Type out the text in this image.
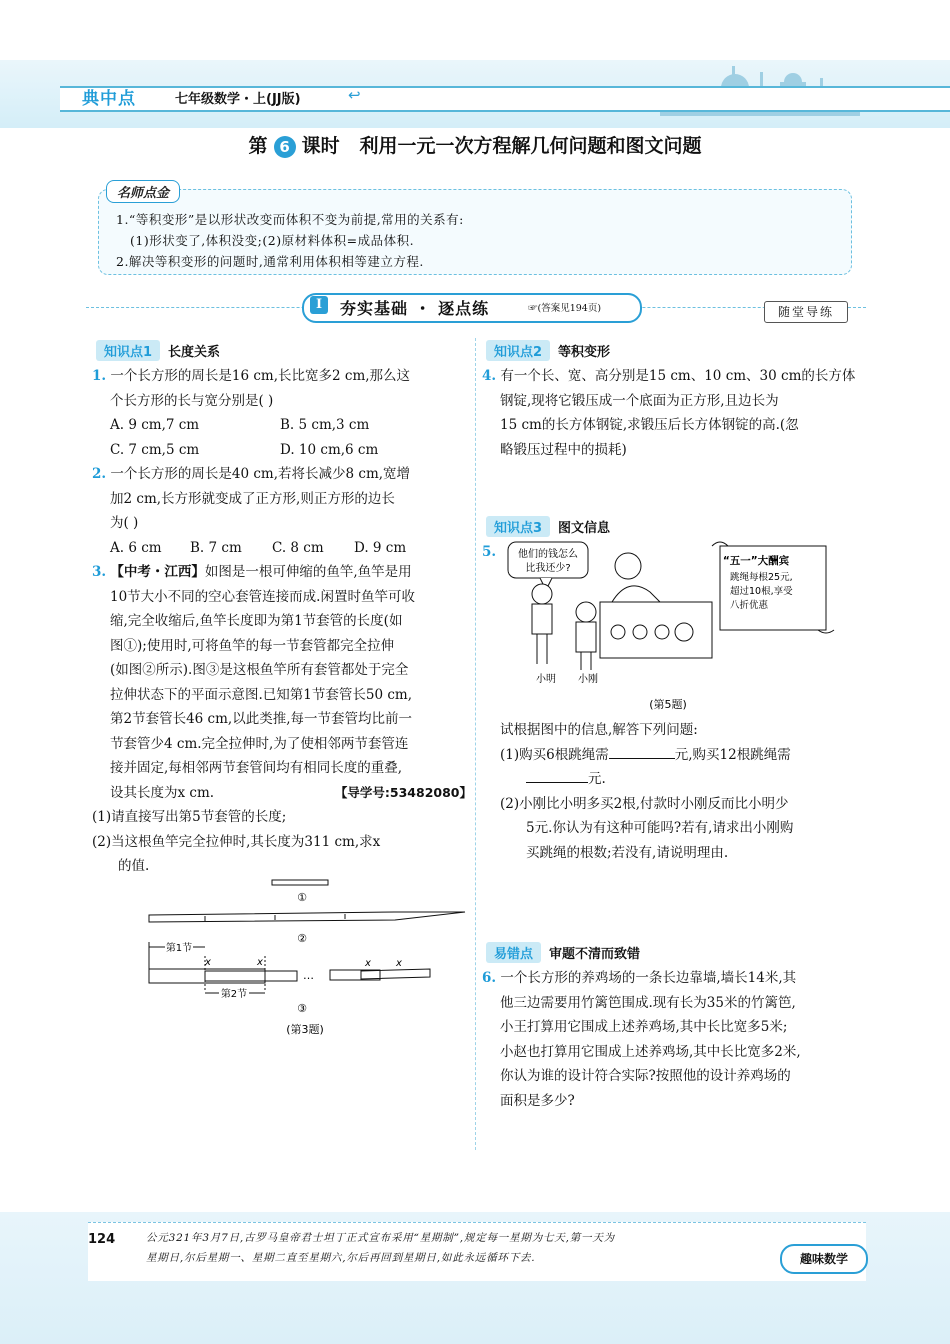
典中点	七年级数学・上(JJ版)	↩
第 6 课时 利用一元一次方程解几何问题和图文问题
名师点金
1.“等积变形”是以形状改变而体积不变为前提,常用的关系有:
(1)形状变了,体积没变;(2)原材料体积=成品体积.
2.解决等积变形的问题时,通常利用体积相等建立方程.
I	夯实基础 ・ 逐点练	☞(答案见194页)	随堂导练
知识点1 长度关系
1. 一个长方形的周长是16 cm,长比宽多2 cm,那么这
个长方形的长与宽分别是( )
A. 9 cm,7 cm	B. 5 cm,3 cm
C. 7 cm,5 cm	D. 10 cm,6 cm
2. 一个长方形的周长是40 cm,若将长减少8 cm,宽增
加2 cm,长方形就变成了正方形,则正方形的边长
为( )
A. 6 cm B. 7 cm C. 8 cm D. 9 cm
3. 【中考・江西】如图是一根可伸缩的鱼竿,鱼竿是用
10节大小不同的空心套管连接而成.闲置时鱼竿可收
缩,完全收缩后,鱼竿长度即为第1节套管的长度(如
图①);使用时,可将鱼竿的每一节套管都完全拉伸
(如图②所示).图③是这根鱼竿所有套管都处于完全
拉伸状态下的平面示意图.已知第1节套管长50 cm,
第2节套管长46 cm,以此类推,每一节套管均比前一
节套管少4 cm.完全拉伸时,为了使相邻两节套管连
接并固定,每相邻两节套管间均有相同长度的重叠,
设其长度为x cm.	【导学号:53482080】
(1)请直接写出第5节套管的长度;
(2)当这根鱼竿完全拉伸时,其长度为311 cm,求x
的值.
①
②
第1节
x	x
第2节
…
x	x
③
(第3题)
知识点2 等积变形
4. 有一个长、宽、高分别是15 cm、10 cm、30 cm的长方体
钢锭,现将它锻压成一个底面为正方形,且边长为
15 cm的长方体钢锭,求锻压后长方体钢锭的高.(忽
略锻压过程中的损耗)
知识点3 图文信息
5. 他们的钱怎么
比我还少?
小明 小刚
“五一”大酬宾
跳绳每根25元,
超过10根,享受
八折优惠
(第5题)
试根据图中的信息,解答下列问题:
(1)购买6根跳绳需	元,购买12根跳绳需
元.
(2)小刚比小明多买2根,付款时小刚反而比小明少
5元.你认为有这种可能吗?若有,请求出小刚购
买跳绳的根数;若没有,请说明理由.
易错点 审题不清而致错
6. 一个长方形的养鸡场的一条长边靠墙,墙长14米,其
他三边需要用竹篱笆围成.现有长为35米的竹篱笆,
小王打算用它围成上述养鸡场,其中长比宽多5米;
小赵也打算用它围成上述养鸡场,其中长比宽多2米,
你认为谁的设计符合实际?按照他的设计养鸡场的
面积是多少?
124	公元321年3月7日,古罗马皇帝君士坦丁正式宣布采用“星期制”,规定每一星期为七天,第一天为
星期日,尔后星期一、星期二直至星期六,尔后再回到星期日,如此永远循环下去.	趣味数学
